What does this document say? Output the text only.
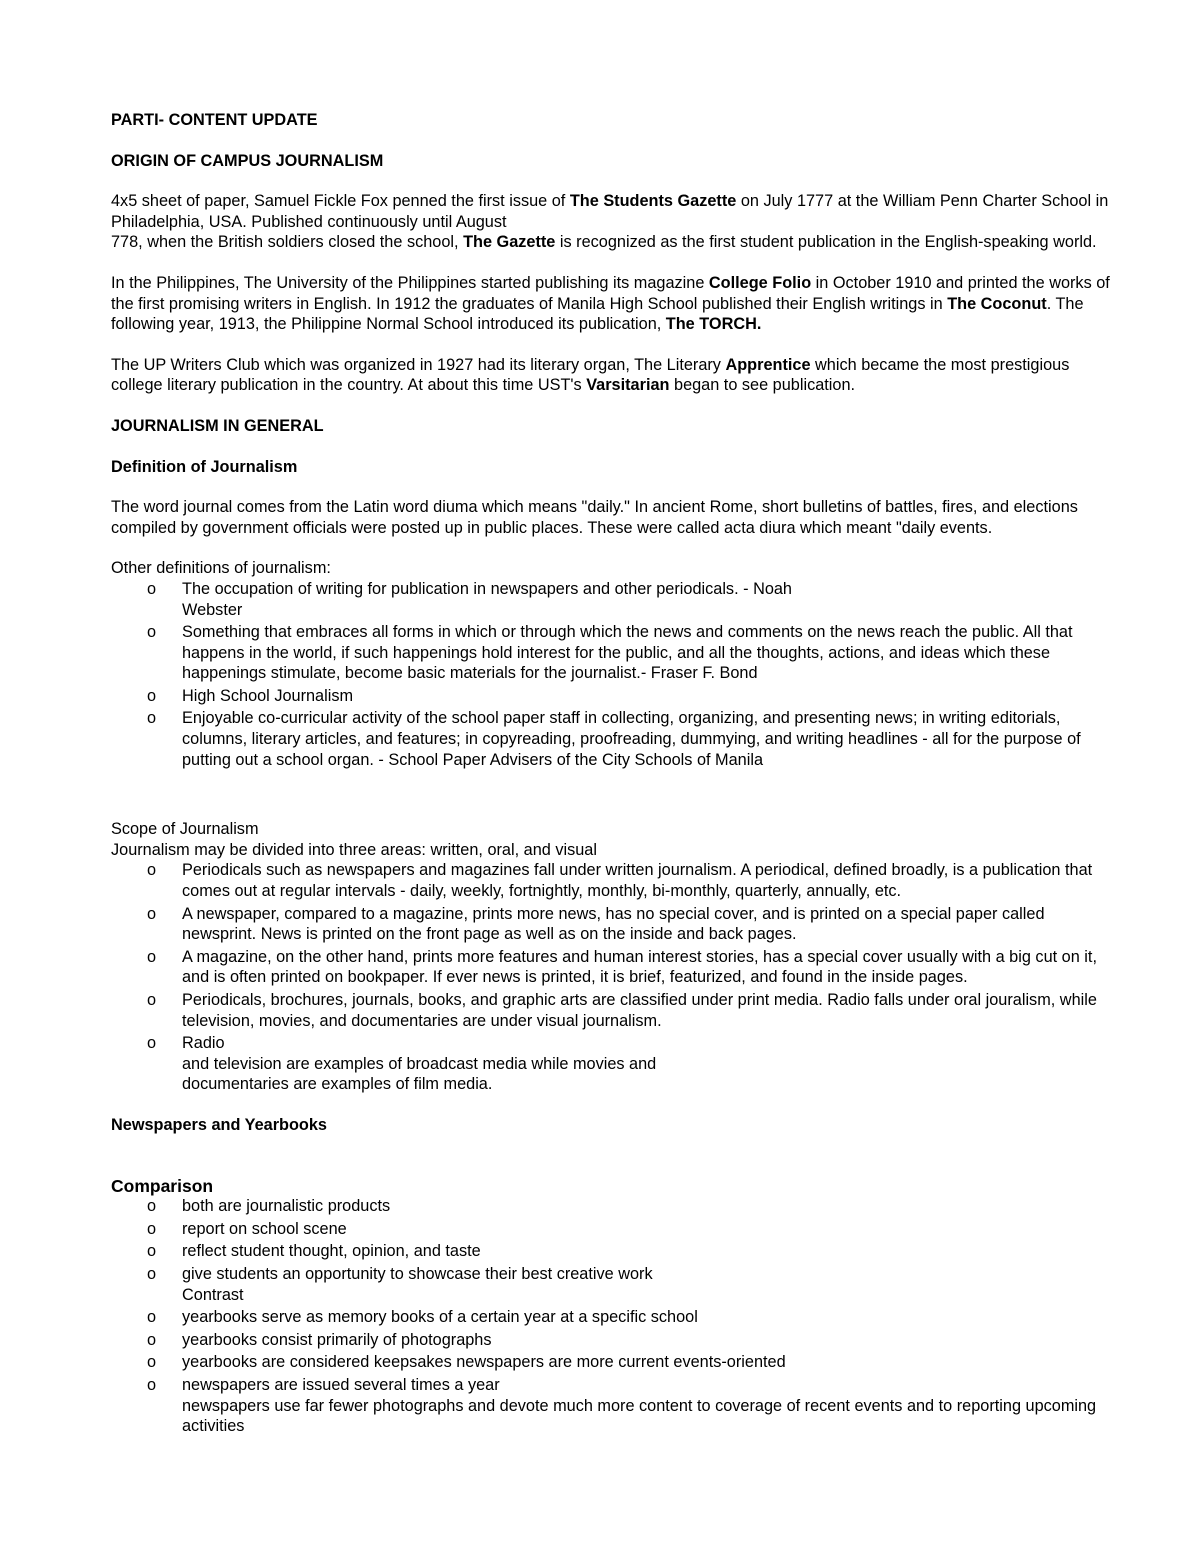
PARTI- CONTENT UPDATE

ORIGIN OF CAMPUS JOURNALISM

4x5 sheet of paper, Samuel Fickle Fox penned the first issue of The Students Gazette on July 1777 at the William Penn Charter School in Philadelphia, USA. Published continuously until August
778, when the British soldiers closed the school, The Gazette is recognized as the first student publication in the English-speaking world.

In the Philippines, The University of the Philippines started publishing its magazine College Folio in October 1910 and printed the works of the first promising writers in English. In 1912 the graduates of Manila High School published their English writings in The Coconut. The following year, 1913, the Philippine Normal School introduced its publication, The TORCH.

The UP Writers Club which was organized in 1927 had its literary organ, The Literary Apprentice which became the most prestigious college literary publication in the country. At about this time UST's Varsitarian began to see publication.

JOURNALISM IN GENERAL

Definition of Journalism

The word journal comes from the Latin word diuma which means "daily." In ancient Rome, short bulletins of battles, fires, and elections compiled by government officials were posted up in public places. These were called acta diura which meant "daily events.

Other definitions of journalism:

o The occupation of writing for publication in newspapers and other periodicals. - Noah
Webster
o Something that embraces all forms in which or through which the news and comments on the news reach the public. All that happens in the world, if such happenings hold interest for the public, and all the thoughts, actions, and ideas which these happenings stimulate, become basic materials for the journalist.- Fraser F. Bond
o High School Journalism
o Enjoyable co-curricular activity of the school paper staff in collecting, organizing, and presenting news; in writing editorials, columns, literary articles, and features; in copyreading, proofreading, dummying, and writing headlines - all for the purpose of putting out a school organ. - School Paper Advisers of the City Schools of Manila

Scope of Journalism

Journalism may be divided into three areas: written, oral, and visual

o Periodicals such as newspapers and magazines fall under written journalism. A periodical, defined broadly, is a publication that comes out at regular intervals - daily, weekly, fortnightly, monthly, bi-monthly, quarterly, annually, etc.
o A newspaper, compared to a magazine, prints more news, has no special cover, and is printed on a special paper called newsprint. News is printed on the front page as well as on the inside and back pages.
o A magazine, on the other hand, prints more features and human interest stories, has a special cover usually with a big cut on it, and is often printed on bookpaper. If ever news is printed, it is brief, featurized, and found in the inside pages.
o Periodicals, brochures, journals, books, and graphic arts are classified under print media. Radio falls under oral jouralism, while television, movies, and documentaries are under visual journalism.
o Radio
and television are examples of broadcast media while movies and
documentaries are examples of film media.

Newspapers and Yearbooks

Comparison

o both are journalistic products
o report on school scene
o reflect student thought, opinion, and taste
o give students an opportunity to showcase their best creative work
Contrast
o yearbooks serve as memory books of a certain year at a specific school
o yearbooks consist primarily of photographs
o yearbooks are considered keepsakes newspapers are more current events-oriented
o newspapers are issued several times a year
newspapers use far fewer photographs and devote much more content to coverage of recent events and to reporting upcoming activities
